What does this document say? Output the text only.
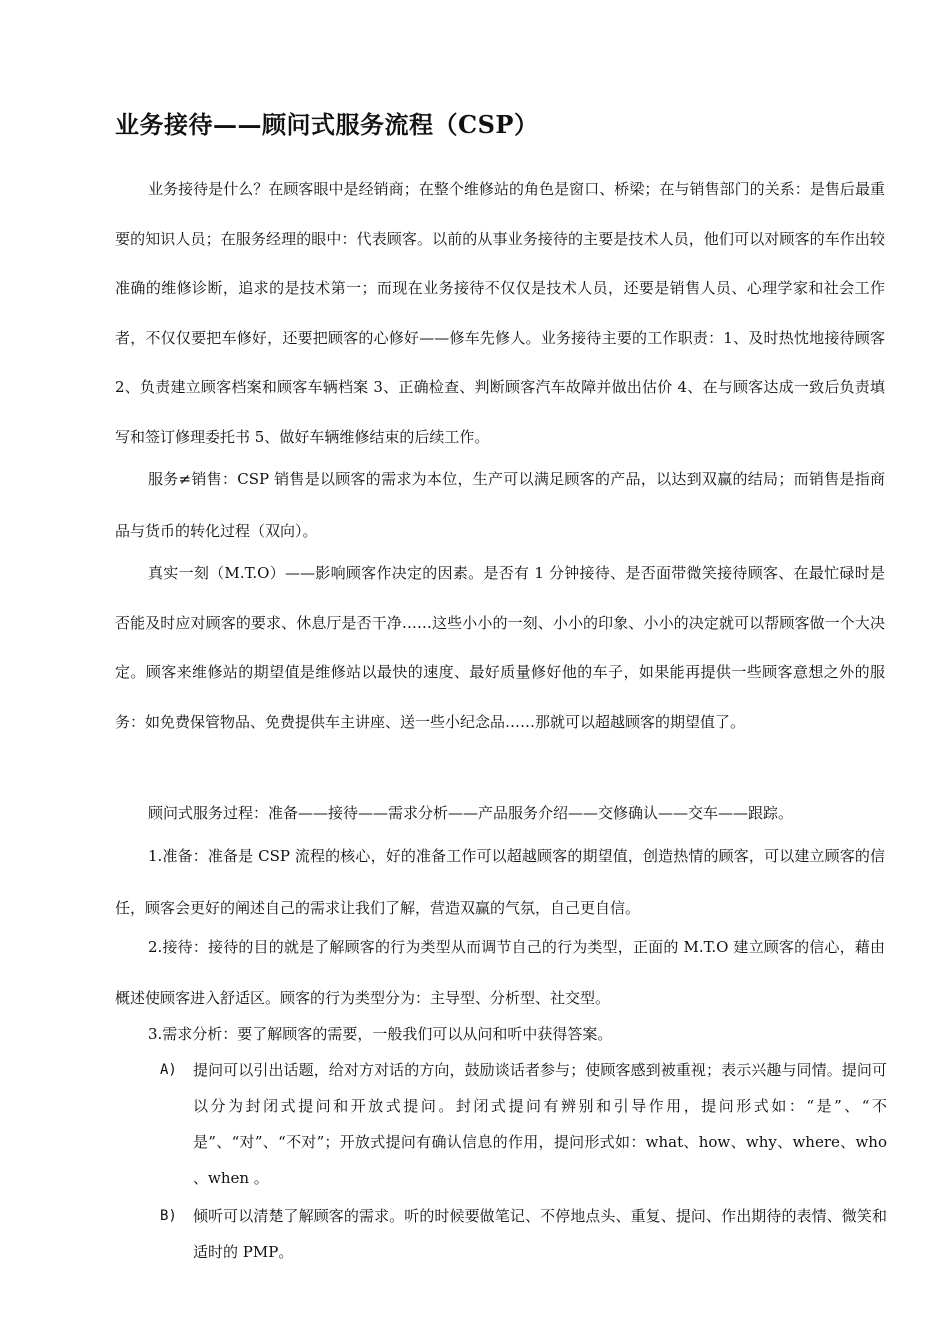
业务接待——顾问式服务流程（CSP）

业务接待是什么？在顾客眼中是经销商；在整个维修站的角色是窗口、桥梁；在与销售部门的关系：是售后最重要的知识人员；在服务经理的眼中：代表顾客。以前的从事业务接待的主要是技术人员，他们可以对顾客的车作出较准确的维修诊断，追求的是技术第一；而现在业务接待不仅仅是技术人员，还要是销售人员、心理学家和社会工作者，不仅仅要把车修好，还要把顾客的心修好——修车先修人。业务接待主要的工作职责：1、及时热忱地接待顾客 2、负责建立顾客档案和顾客车辆档案 3、正确检查、判断顾客汽车故障并做出估价 4、在与顾客达成一致后负责填写和签订修理委托书 5、做好车辆维修结束的后续工作。

服务≠销售：CSP 销售是以顾客的需求为本位，生产可以满足顾客的产品，以达到双赢的结局；而销售是指商品与货币的转化过程（双向）。

真实一刻（M.T.O）——影响顾客作决定的因素。是否有 1 分钟接待、是否面带微笑接待顾客、在最忙碌时是否能及时应对顾客的要求、休息厅是否干净……这些小小的一刻、小小的印象、小小的决定就可以帮顾客做一个大决定。顾客来维修站的期望值是维修站以最快的速度、最好质量修好他的车子，如果能再提供一些顾客意想之外的服务：如免费保管物品、免费提供车主讲座、送一些小纪念品……那就可以超越顾客的期望值了。

顾问式服务过程：准备——接待——需求分析——产品服务介绍——交修确认——交车——跟踪。

1.准备：准备是 CSP 流程的核心，好的准备工作可以超越顾客的期望值，创造热情的顾客，可以建立顾客的信任，顾客会更好的阐述自己的需求让我们了解，营造双赢的气氛，自己更自信。

2.接待：接待的目的就是了解顾客的行为类型从而调节自己的行为类型，正面的 M.T.O 建立顾客的信心，藉由概述使顾客进入舒适区。顾客的行为类型分为：主导型、分析型、社交型。

3.需求分析：要了解顾客的需要，一般我们可以从问和听中获得答案。

A)	提问可以引出话题，给对方对话的方向，鼓励谈话者参与；使顾客感到被重视；表示兴趣与同情。提问可以分为封闭式提问和开放式提问。封闭式提问有辨别和引导作用，提问形式如：“是”、“不是”、“对”、“不对”；开放式提问有确认信息的作用，提问形式如：what、how、why、where、who 、when 。
B)	倾听可以清楚了解顾客的需求。听的时候要做笔记、不停地点头、重复、提问、作出期待的表情、微笑和适时的 PMP。
